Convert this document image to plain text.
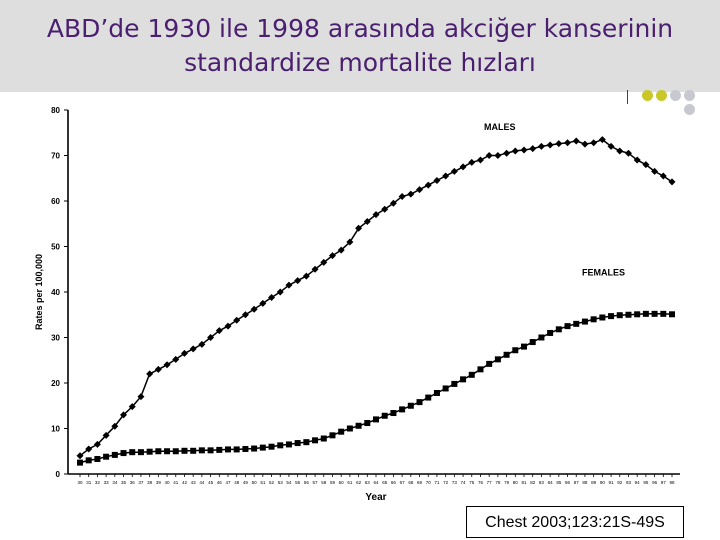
ABD’de 1930 ile 1998 arasında akciğer kanserinin
standardize mortalite hızları
0
10
20
30
40
50
60
70
80
30 31 32 33 34 35 36 37 38 39 40 41 42 43 44 45 46 47 48 49 50 51 52 53 54 55 56 57 58 59 60 61 62 63 64 65 66 67 68 69 70 71 72 73 74 75 76 77 78 79 80 81 82 83 84 85 86 87 88 89 90 91 92 93 94 95 96 97 98
Rates per 100,000
Year
MALES
FEMALES
Chest 2003;123:21S-49S
